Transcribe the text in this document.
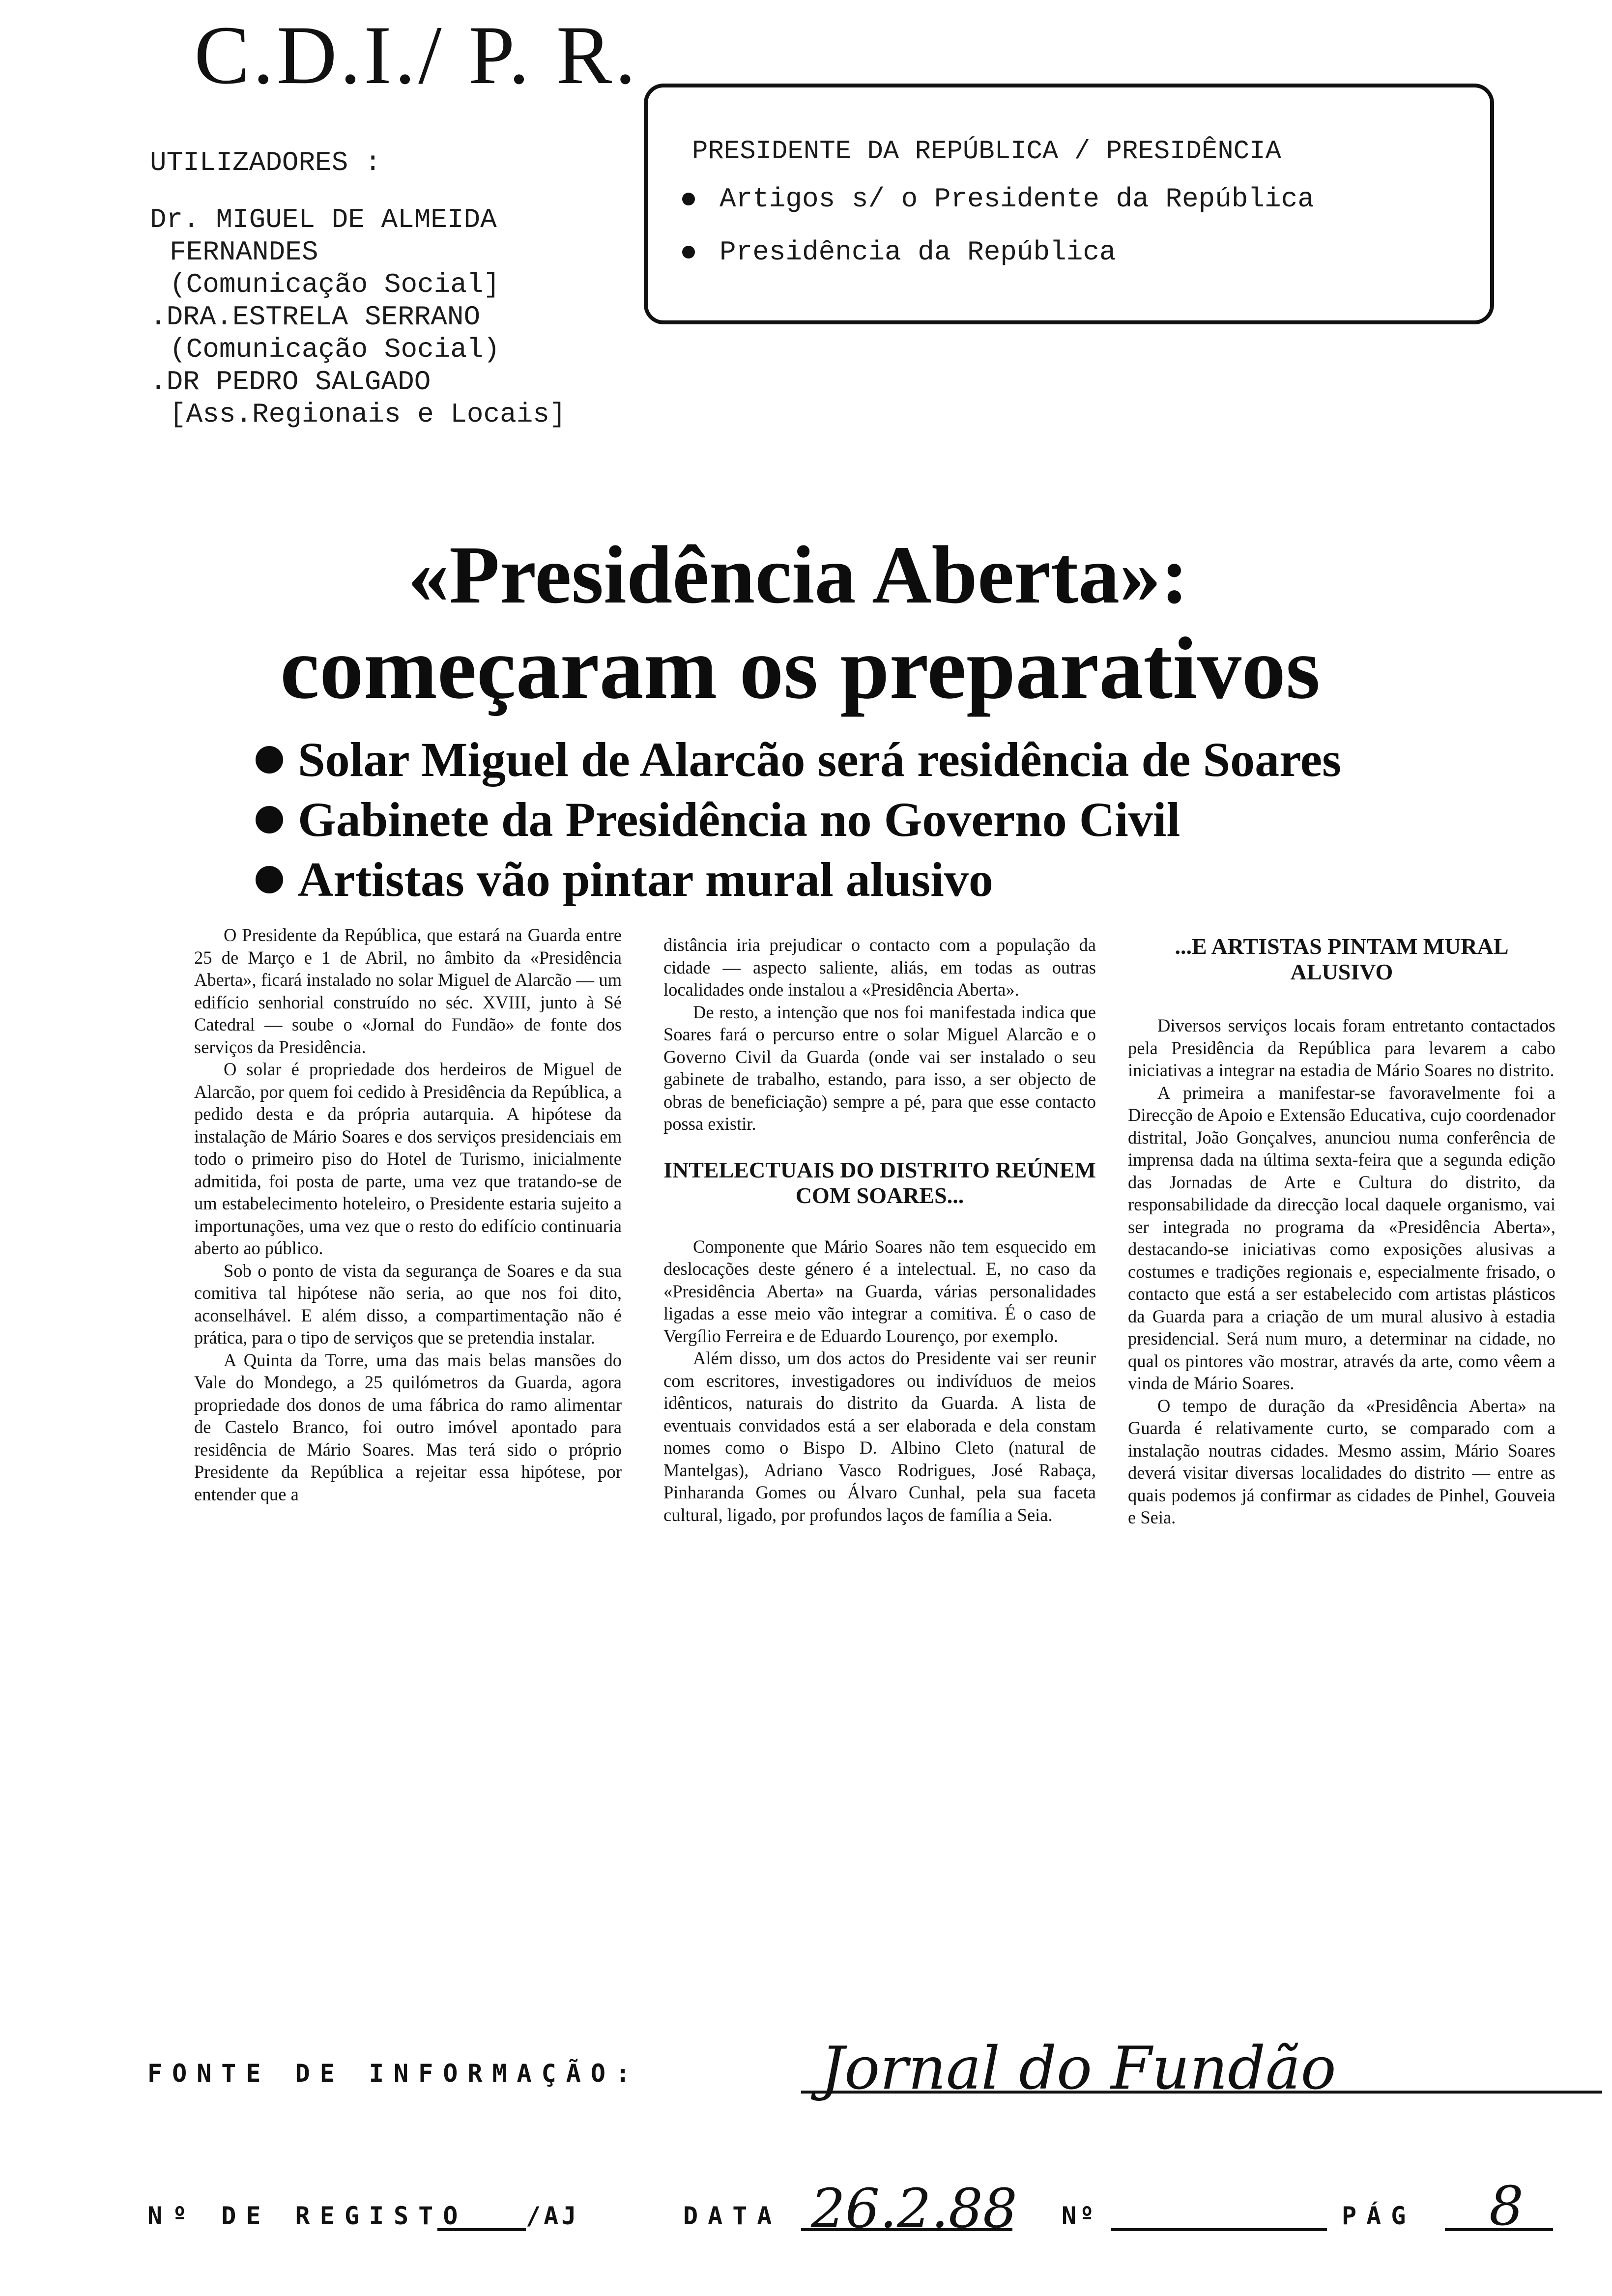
C.D.I./ P. R.
UTILIZADORES :
Dr. MIGUEL DE ALMEIDA
FERNANDES
(Comunicação Social]
.DRA.ESTRELA SERRANO
(Comunicação Social)
.DR PEDRO SALGADO
[Ass.Regionais e Locais]
PRESIDENTE DA REPÚBLICA / PRESIDÊNCIA
Artigos s/ o Presidente da República
Presidência da República
«Presidência Aberta»:
começaram os preparativos
Solar Miguel de Alarcão será residência de Soares
Gabinete da Presidência no Governo Civil
Artistas vão pintar mural alusivo

O Presidente da República, que estará na Guarda entre 25 de Março e 1 de Abril, no âmbito da «Presidência Aberta», ficará instalado no solar Miguel de Alarcão — um edifício senhorial construído no séc. XVIII, junto à Sé Catedral — soube o «Jornal do Fundão» de fonte dos serviços da Presidência.

O solar é propriedade dos herdeiros de Miguel de Alarcão, por quem foi cedido à Presidência da República, a pedido desta e da própria autarquia. A hipótese da instalação de Mário Soares e dos serviços presidenciais em todo o primeiro piso do Hotel de Turismo, inicialmente admitida, foi posta de parte, uma vez que tratando-se de um estabelecimento hoteleiro, o Presidente estaria sujeito a importunações, uma vez que o resto do edifício continuaria aberto ao público.

Sob o ponto de vista da segurança de Soares e da sua comitiva tal hipótese não seria, ao que nos foi dito, aconselhável. E além disso, a compartimentação não é prática, para o tipo de serviços que se pretendia instalar.

A Quinta da Torre, uma das mais belas mansões do Vale do Mondego, a 25 quilómetros da Guarda, agora propriedade dos donos de uma fábrica do ramo alimentar de Castelo Branco, foi outro imóvel apontado para residência de Mário Soares. Mas terá sido o próprio Presidente da República a rejeitar essa hipótese, por entender que a

distância iria prejudicar o contacto com a população da cidade — aspecto saliente, aliás, em todas as outras localidades onde instalou a «Presidência Aberta».

De resto, a intenção que nos foi manifestada indica que Soares fará o percurso entre o solar Miguel Alarcão e o Governo Civil da Guarda (onde vai ser instalado o seu gabinete de trabalho, estando, para isso, a ser objecto de obras de beneficiação) sempre a pé, para que esse contacto possa existir.

INTELECTUAIS DO DISTRITO REÚNEM COM SOARES...

Componente que Mário Soares não tem esquecido em deslocações deste género é a intelectual. E, no caso da «Presidência Aberta» na Guarda, várias personalidades ligadas a esse meio vão integrar a comitiva. É o caso de Vergílio Ferreira e de Eduardo Lourenço, por exemplo.

Além disso, um dos actos do Presidente vai ser reunir com escritores, investigadores ou indivíduos de meios idênticos, naturais do distrito da Guarda. A lista de eventuais convidados está a ser elaborada e dela constam nomes como o Bispo D. Albino Cleto (natural de Mantelgas), Adriano Vasco Rodrigues, José Rabaça, Pinharanda Gomes ou Álvaro Cunhal, pela sua faceta cultural, ligado, por profundos laços de família a Seia.

...E ARTISTAS PINTAM MURAL ALUSIVO

Diversos serviços locais foram entretanto contactados pela Presidência da República para levarem a cabo iniciativas a integrar na estadia de Mário Soares no distrito.

A primeira a manifestar-se favoravelmente foi a Direcção de Apoio e Extensão Educativa, cujo coordenador distrital, João Gonçalves, anunciou numa conferência de imprensa dada na última sexta-feira que a segunda edição das Jornadas de Arte e Cultura do distrito, da responsabilidade da direcção local daquele organismo, vai ser integrada no programa da «Presidência Aberta», destacando-se iniciativas como exposições alusivas a costumes e tradições regionais e, especialmente frisado, o contacto que está a ser estabelecido com artistas plásticos da Guarda para a criação de um mural alusivo à estadia presidencial. Será num muro, a determinar na cidade, no qual os pintores vão mostrar, através da arte, como vêem a vinda de Mário Soares.

O tempo de duração da «Presidência Aberta» na Guarda é relativamente curto, se comparado com a instalação noutras cidades. Mesmo assim, Mário Soares deverá visitar diversas localidades do distrito — entre as quais podemos já confirmar as cidades de Pinhel, Gouveia e Seia.

FONTE DE INFORMAÇÃO:	Jornal do Fundão
Nº DE REGISTO /AJ	DATA 26.2.88 Nº	PÁG 8
